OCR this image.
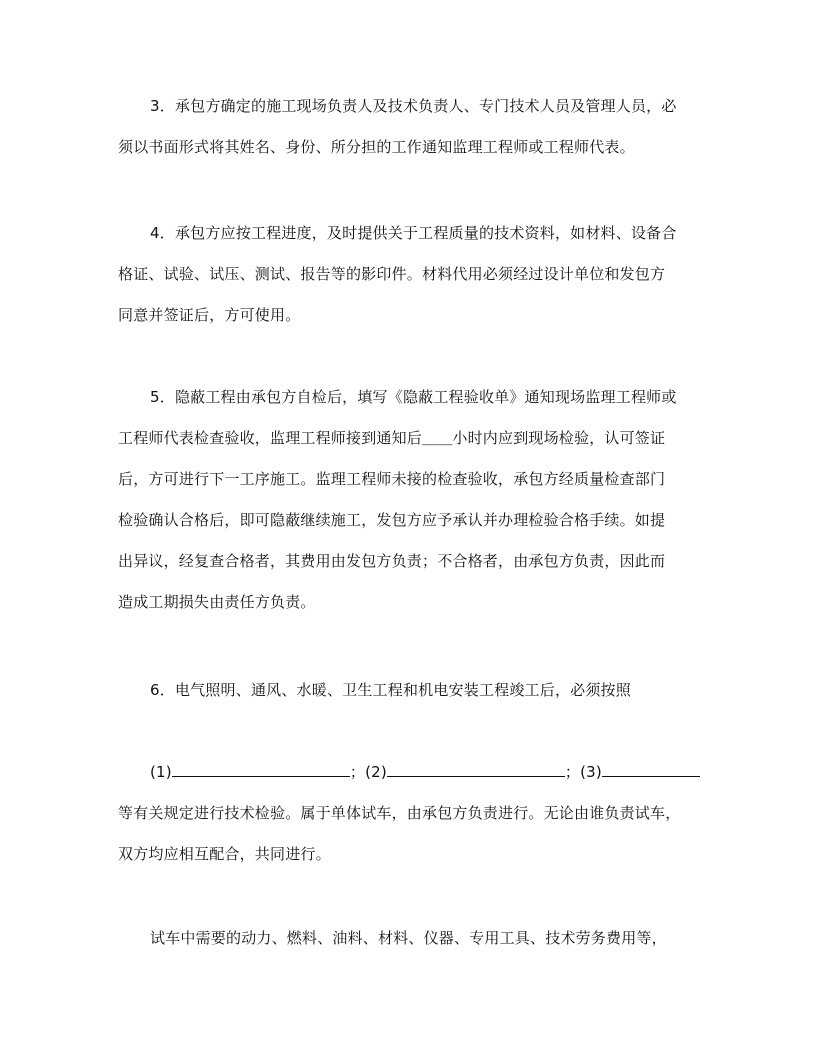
3．承包方确定的施工现场负责人及技术负责人、专门技术人员及管理人员，必
须以书面形式将其姓名、身份、所分担的工作通知监理工程师或工程师代表。
4．承包方应按工程进度，及时提供关于工程质量的技术资料，如材料、设备合
格证、试验、试压、测试、报告等的影印件。材料代用必须经过设计单位和发包方
同意并签证后，方可使用。
5．隐蔽工程由承包方自检后，填写《隐蔽工程验收单》通知现场监理工程师或
工程师代表检查验收，监理工程师接到通知后＿＿小时内应到现场检验，认可签证
后，方可进行下一工序施工。监理工程师未接的检查验收，承包方经质量检查部门
检验确认合格后，即可隐蔽继续施工，发包方应予承认并办理检验合格手续。如提
出异议，经复查合格者，其费用由发包方负责；不合格者，由承包方负责，因此而
造成工期损失由责任方负责。
6．电气照明、通风、水暖、卫生工程和机电安装工程竣工后，必须按照
(1)	；(2)	；(3)
等有关规定进行技术检验。属于单体试车，由承包方负责进行。无论由谁负责试车，
双方均应相互配合，共同进行。
试车中需要的动力、燃料、油料、材料、仪器、专用工具、技术劳务费用等，
